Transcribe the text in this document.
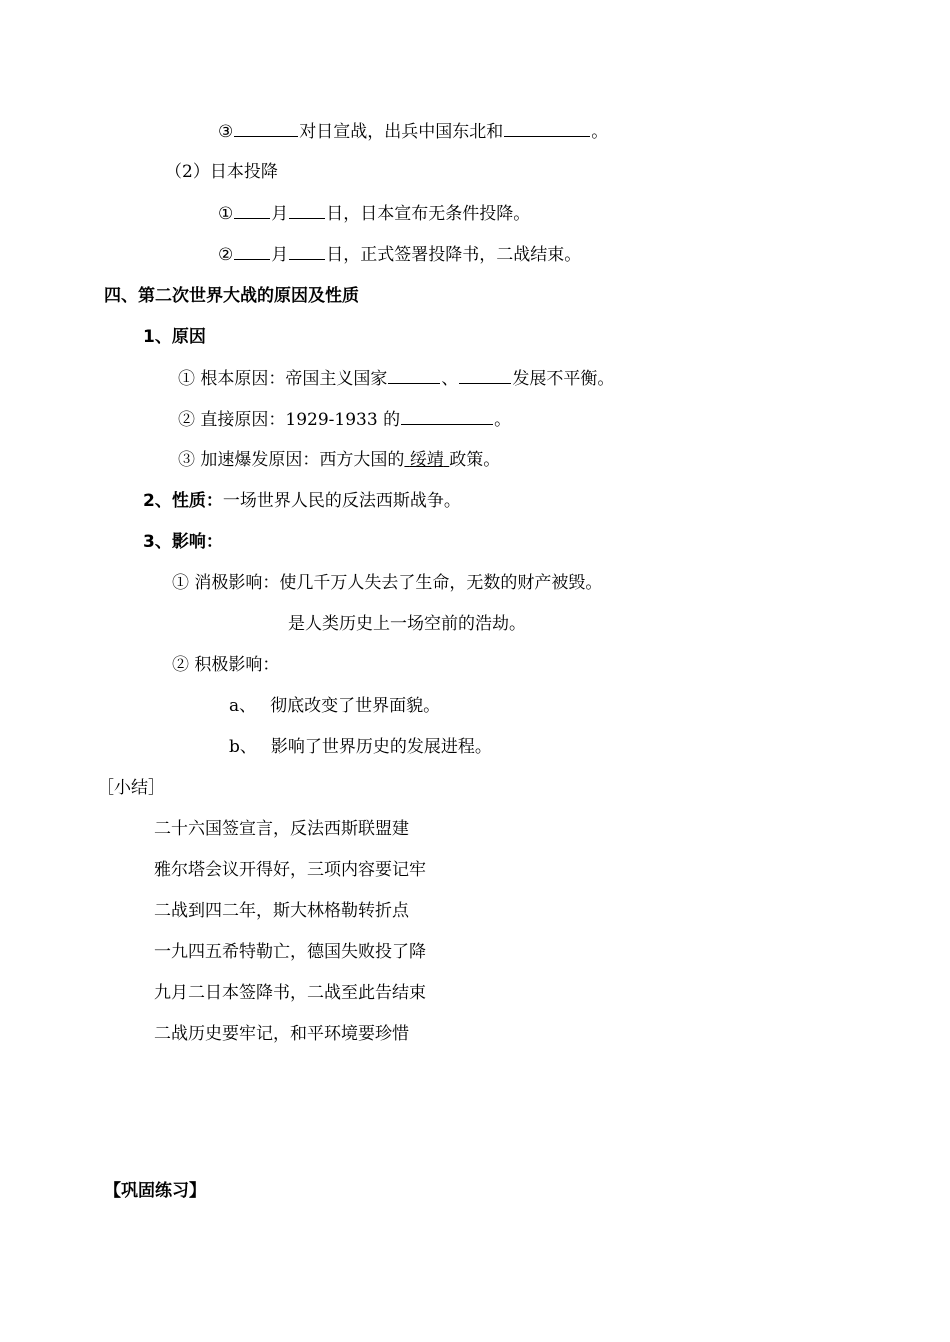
③	对日宣战，出兵中国东北和	。
（2）日本投降
① 月 日，日本宣布无条件投降。
② 月 日，正式签署投降书，二战结束。
四、第二次世界大战的原因及性质
1、原因
① 根本原因：帝国主义国家	、	发展不平衡。
② 直接原因：1929-1933 的	。
③ 加速爆发原因：西方大国的 绥靖 政策。
2、性质：一场世界人民的反法西斯战争。
3、影响：
① 消极影响：使几千万人失去了生命，无数的财产被毁。
是人类历史上一场空前的浩劫。
② 积极影响：
a、 彻底改变了世界面貌。
b、 影响了世界历史的发展进程。
［小结］
二十六国签宣言，反法西斯联盟建
雅尔塔会议开得好，三项内容要记牢
二战到四二年，斯大林格勒转折点
一九四五希特勒亡，德国失败投了降
九月二日本签降书，二战至此告结束
二战历史要牢记，和平环境要珍惜
【巩固练习】
